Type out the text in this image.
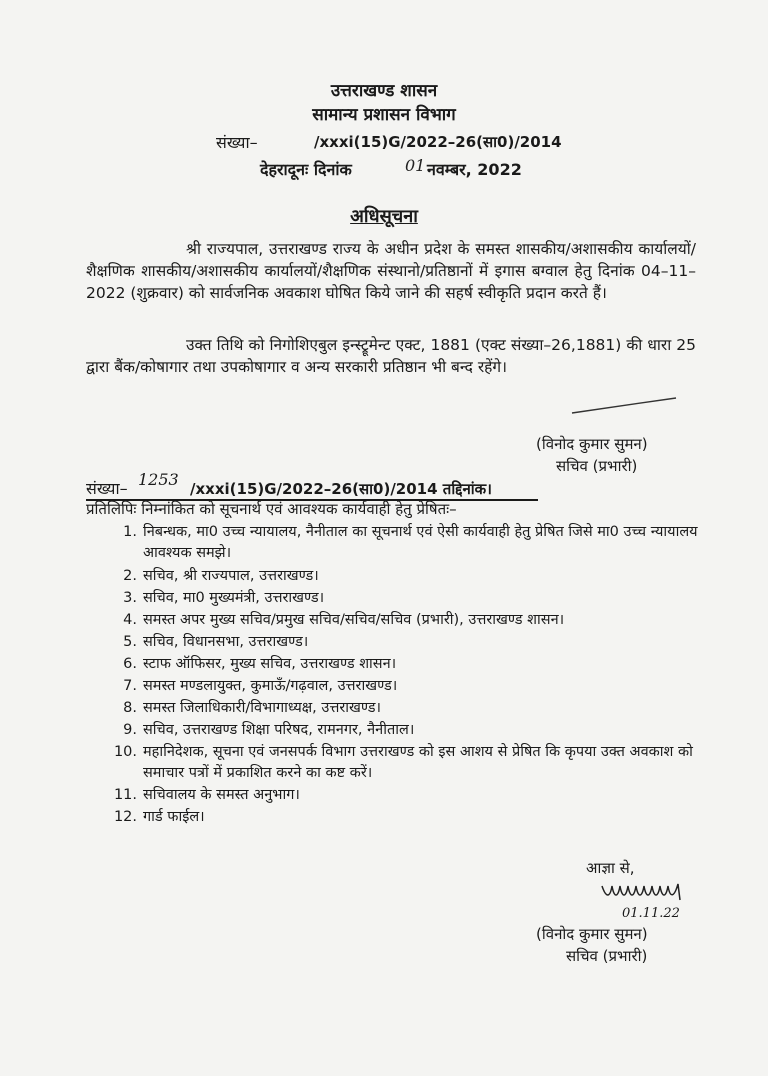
उत्तराखण्ड शासन
सामान्य प्रशासन विभाग
संख्या–	/xxxi(15)G/2022–26(सा0)/2014
देहरादूनः दिनांक	01 नवम्बर, 2022
अधिसूचना
श्री राज्यपाल, उत्तराखण्ड राज्य के अधीन प्रदेश के समस्त शासकीय/अशासकीय कार्यालयों/शैक्षणिक शासकीय/अशासकीय कार्यालयों/शैक्षणिक संस्थानो/प्रतिष्ठानों में इगास बग्वाल हेतु दिनांक 04–11–2022 (शुक्रवार) को सार्वजनिक अवकाश घोषित किये जाने की सहर्ष स्वीकृति प्रदान करते हैं।
उक्त तिथि को निगोशिएबुल इन्स्ट्रूमेन्ट एक्ट, 1881 (एक्ट संख्या–26,1881) की धारा 25 द्वारा बैंक/कोषागार तथा उपकोषागार व अन्य सरकारी प्रतिष्ठान भी बन्द रहेंगे।
(विनोद कुमार सुमन)
सचिव (प्रभारी)
संख्या– 1253 /xxxi(15)G/2022–26(सा0)/2014 तद्दिनांक।
प्रतिलिपिः निम्नांकित को सूचनार्थ एवं आवश्यक कार्यवाही हेतु प्रेषितः–
1. निबन्धक, मा0 उच्च न्यायालय, नैनीताल का सूचनार्थ एवं ऐसी कार्यवाही हेतु प्रेषित जिसे मा0 उच्च न्यायालय आवश्यक समझे।
2. सचिव, श्री राज्यपाल, उत्तराखण्ड।
3. सचिव, मा0 मुख्यमंत्री, उत्तराखण्ड।
4. समस्त अपर मुख्य सचिव/प्रमुख सचिव/सचिव/सचिव (प्रभारी), उत्तराखण्ड शासन।
5. सचिव, विधानसभा, उत्तराखण्ड।
6. स्टाफ ऑफिसर, मुख्य सचिव, उत्तराखण्ड शासन।
7. समस्त मण्डलायुक्त, कुमाऊँ/गढ़वाल, उत्तराखण्ड।
8. समस्त जिलाधिकारी/विभागाध्यक्ष, उत्तराखण्ड।
9. सचिव, उत्तराखण्ड शिक्षा परिषद, रामनगर, नैनीताल।
10. महानिदेशक, सूचना एवं जनसपर्क विभाग उत्तराखण्ड को इस आशय से प्रेषित कि कृपया उक्त अवकाश को समाचार पत्रों में प्रकाशित करने का कष्ट करें।
11. सचिवालय के समस्त अनुभाग।
12. गार्ड फाईल।
आज्ञा से,
01.11.22
(विनोद कुमार सुमन)
सचिव (प्रभारी)
